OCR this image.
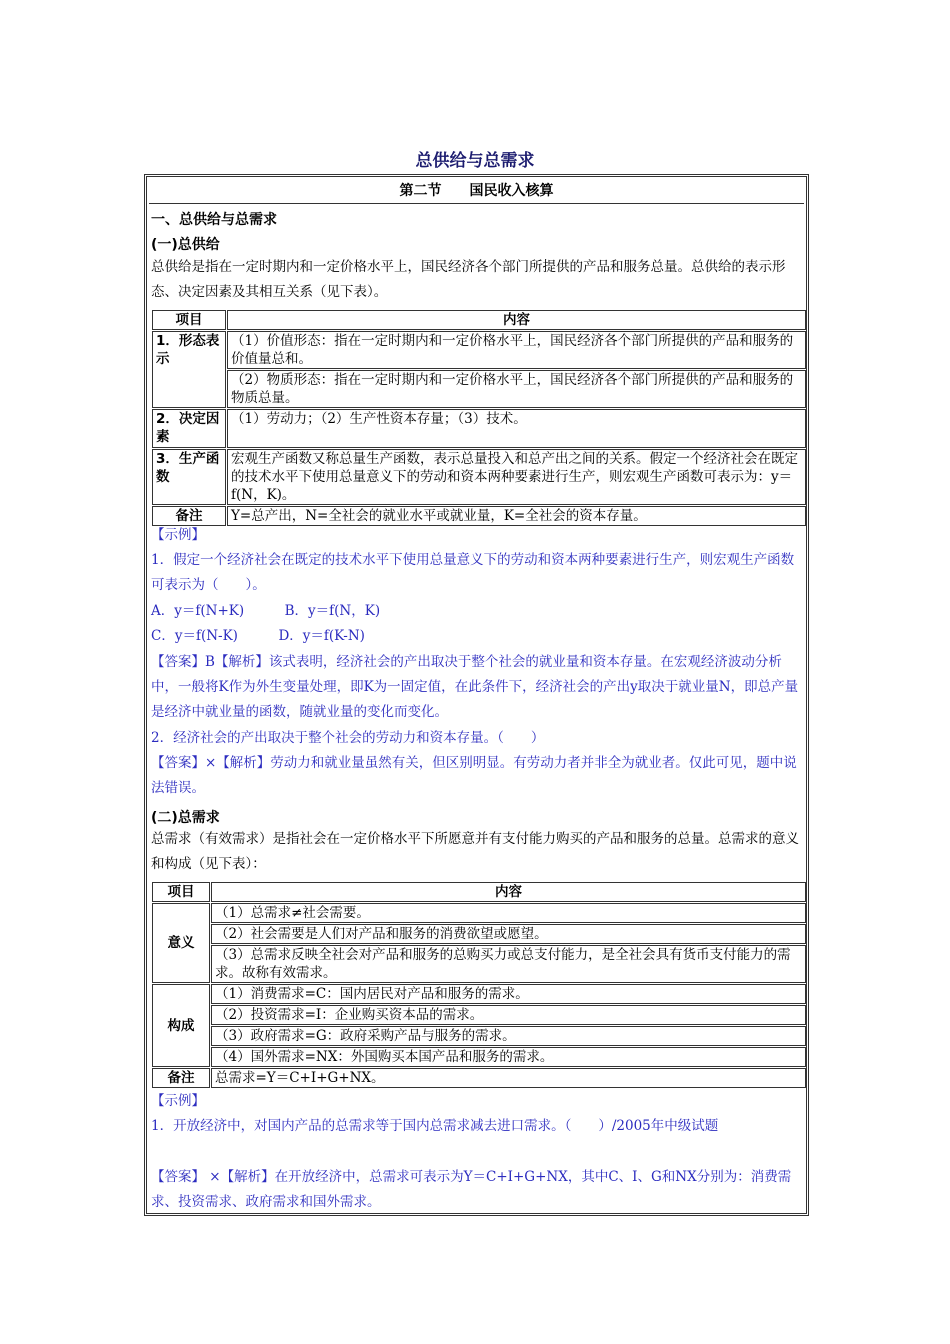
总供给与总需求
第二节　　国民收入核算
一、总供给与总需求
(一)总供给
总供给是指在一定时期内和一定价格水平上，国民经济各个部门所提供的产品和服务总量。总供给的表示形态、决定因素及其相互关系（见下表）。
项目	内容
1．形态表示	（1）价值形态：指在一定时期内和一定价格水平上，国民经济各个部门所提供的产品和服务的价值量总和。
	（2）物质形态：指在一定时期内和一定价格水平上，国民经济各个部门所提供的产品和服务的物质总量。
2．决定因素	（1）劳动力；（2）生产性资本存量；（3）技术。
3．生产函数	宏观生产函数又称总量生产函数，表示总量投入和总产出之间的关系。假定一个经济社会在既定的技术水平下使用总量意义下的劳动和资本两种要素进行生产，则宏观生产函数可表示为：y＝f(N，K)。
备注	Y=总产出，N=全社会的就业水平或就业量，K=全社会的资本存量。
【示例】
1．假定一个经济社会在既定的技术水平下使用总量意义下的劳动和资本两种要素进行生产，则宏观生产函数可表示为（　　）。
A．y＝f(N+K)　　　B．y＝f(N，K)
C．y＝f(N-K)　　　D．y＝f(K-N)
【答案】B【解析】该式表明，经济社会的产出取决于整个社会的就业量和资本存量。在宏观经济波动分析中，一般将K作为外生变量处理，即K为一固定值，在此条件下，经济社会的产出y取决于就业量N，即总产量是经济中就业量的函数，随就业量的变化而变化。
2．经济社会的产出取决于整个社会的劳动力和资本存量。（　　）
【答案】×【解析】劳动力和就业量虽然有关，但区别明显。有劳动力者并非全为就业者。仅此可见，题中说法错误。
(二)总需求
总需求（有效需求）是指社会在一定价格水平下所愿意并有支付能力购买的产品和服务的总量。总需求的意义和构成（见下表）：
项目	内容
意义	（1）总需求≠社会需要。
	（2）社会需要是人们对产品和服务的消费欲望或愿望。
	（3）总需求反映全社会对产品和服务的总购买力或总支付能力，是全社会具有货币支付能力的需求。故称有效需求。
构成	（1）消费需求=C：国内居民对产品和服务的需求。
	（2）投资需求=I：企业购买资本品的需求。
	（3）政府需求=G：政府采购产品与服务的需求。
	（4）国外需求=NX：外国购买本国产品和服务的需求。
备注	总需求=Y＝C+I+G+NX。
【示例】
1．开放经济中，对国内产品的总需求等于国内总需求减去进口需求。（　　）/2005年中级试题
【答案】 ×【解析】在开放经济中，总需求可表示为Y＝C+I+G+NX，其中C、I、G和NX分别为：消费需求、投资需求、政府需求和国外需求。
